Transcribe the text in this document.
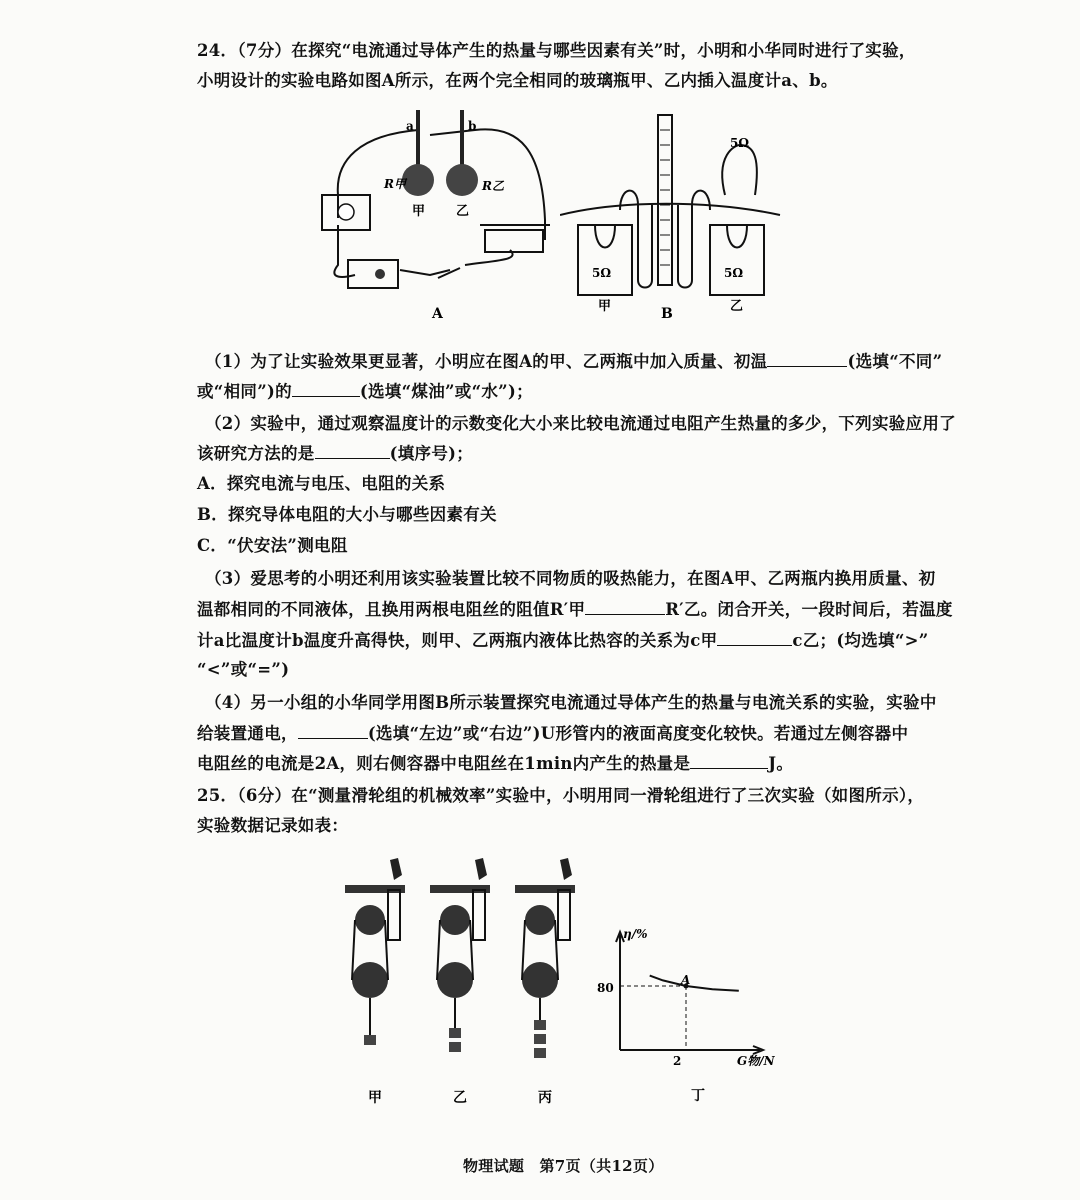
24．（7分）在探究“电流通过导体产生的热量与哪些因素有关”时，小明和小华同时进行了实验，
小明设计的实验电路如图A所示，在两个完全相同的玻璃瓶甲、乙内插入温度计a、b。
a	b
R甲	R乙
甲 乙
A
5Ω
5Ω	5Ω
甲	乙
B
（1）为了让实验效果更显著，小明应在图A的甲、乙两瓶中加入质量、初温	(选填“不同”
或“相同”)的	(选填“煤油”或“水”)；
（2）实验中，通过观察温度计的示数变化大小来比较电流通过电阻产生热量的多少，下列实验应用了
该研究方法的是	(填序号)；
A．探究电流与电压、电阻的关系
B．探究导体电阻的大小与哪些因素有关
C．“伏安法”测电阻
（3）爱思考的小明还利用该实验装置比较不同物质的吸热能力，在图A甲、乙两瓶内换用质量、初
温都相同的不同液体，且换用两根电阻丝的阻值R′甲	R′乙。闭合开关，一段时间后，若温度
计a比温度计b温度升高得快，则甲、乙两瓶内液体比热容的关系为c甲	c乙；(均选填“>”
“<”或“=”)
（4）另一小组的小华同学用图B所示装置探究电流通过导体产生的热量与电流关系的实验，实验中
给装置通电，	(选填“左边”或“右边”)U形管内的液面高度变化较快。若通过左侧容器中
电阻丝的电流是2A，则右侧容器中电阻丝在1min内产生的热量是	J。
25．（6分）在“测量滑轮组的机械效率”实验中，小明用同一滑轮组进行了三次实验（如图所示），
实验数据记录如表：
甲	乙	丙
η/%
G物/N
80
2
A
丁
物理试题　第7页（共12页）
